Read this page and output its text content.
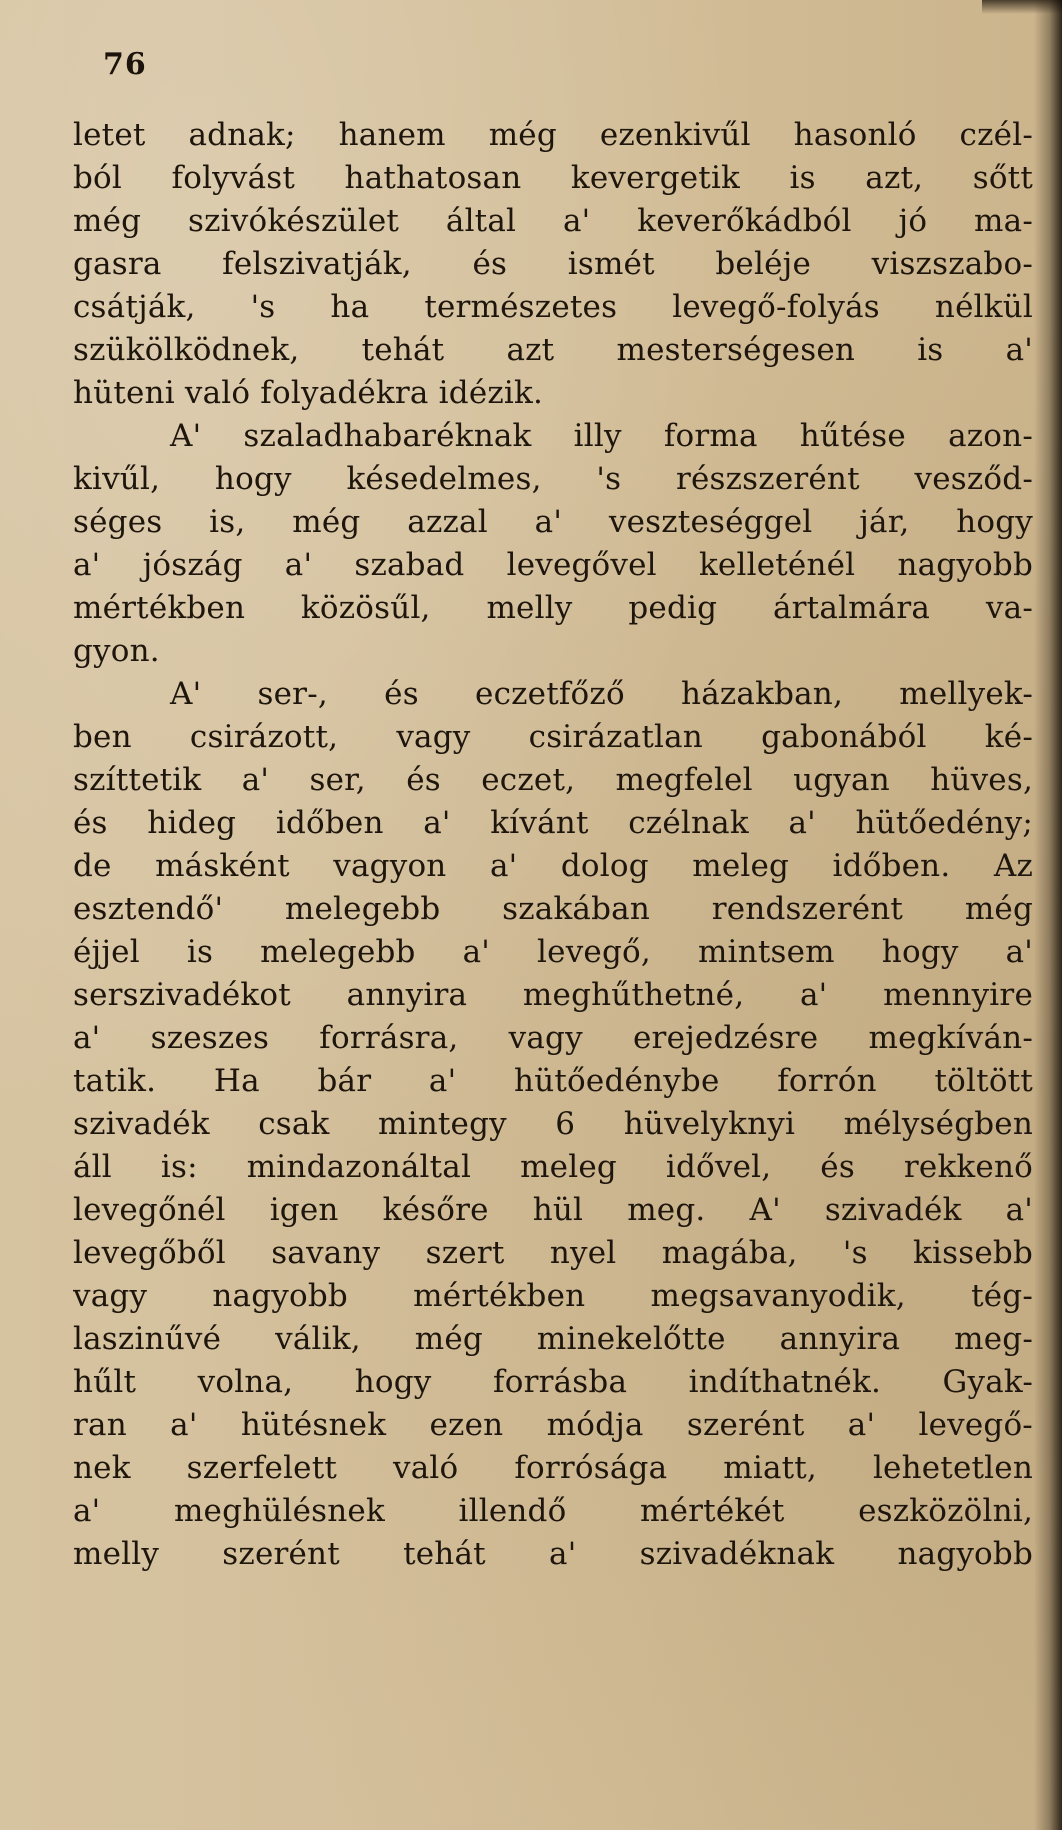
76
letet adnak; hanem még ezenkivűl hasonló czél-
ból folyvást hathatosan kevergetik is azt, sőtt
még szivókészület által a' keverőkádból jó ma-
gasra felszivatják, és ismét beléje viszszabo-
csátják, 's ha természetes levegő-folyás nélkül
szükölködnek, tehát azt mesterségesen is a'
hüteni való folyadékra idézik.
A' szaladhabaréknak illy forma hűtése azon-
kivűl, hogy késedelmes, 's részszerént vesződ-
séges is, még azzal a' veszteséggel jár, hogy
a' jószág a' szabad levegővel kelleténél nagyobb
mértékben közösűl, melly pedig ártalmára va-
gyon.
A' ser-, és eczetfőző házakban, mellyek-
ben csirázott, vagy csirázatlan gabonából ké-
szíttetik a' ser, és eczet, megfelel ugyan hüves,
és hideg időben a' kívánt czélnak a' hütőedény;
de másként vagyon a' dolog meleg időben. Az
esztendő' melegebb szakában rendszerént még
éjjel is melegebb a' levegő, mintsem hogy a'
serszivadékot annyira meghűthetné, a' mennyire
a' szeszes forrásra, vagy erejedzésre megkíván-
tatik. Ha bár a' hütőedénybe forrón töltött
szivadék csak mintegy 6 hüvelyknyi mélységben
áll is: mindazonáltal meleg idővel, és rekkenő
levegőnél igen későre hül meg. A' szivadék a'
levegőből savany szert nyel magába, 's kissebb
vagy nagyobb mértékben megsavanyodik, tég-
laszinűvé válik, még minekelőtte annyira meg-
hűlt volna, hogy forrásba indíthatnék. Gyak-
ran a' hütésnek ezen módja szerént a' levegő-
nek szerfelett való forrósága miatt, lehetetlen
a' meghülésnek illendő mértékét eszközölni,
melly szerént tehát a' szivadéknak nagyobb
